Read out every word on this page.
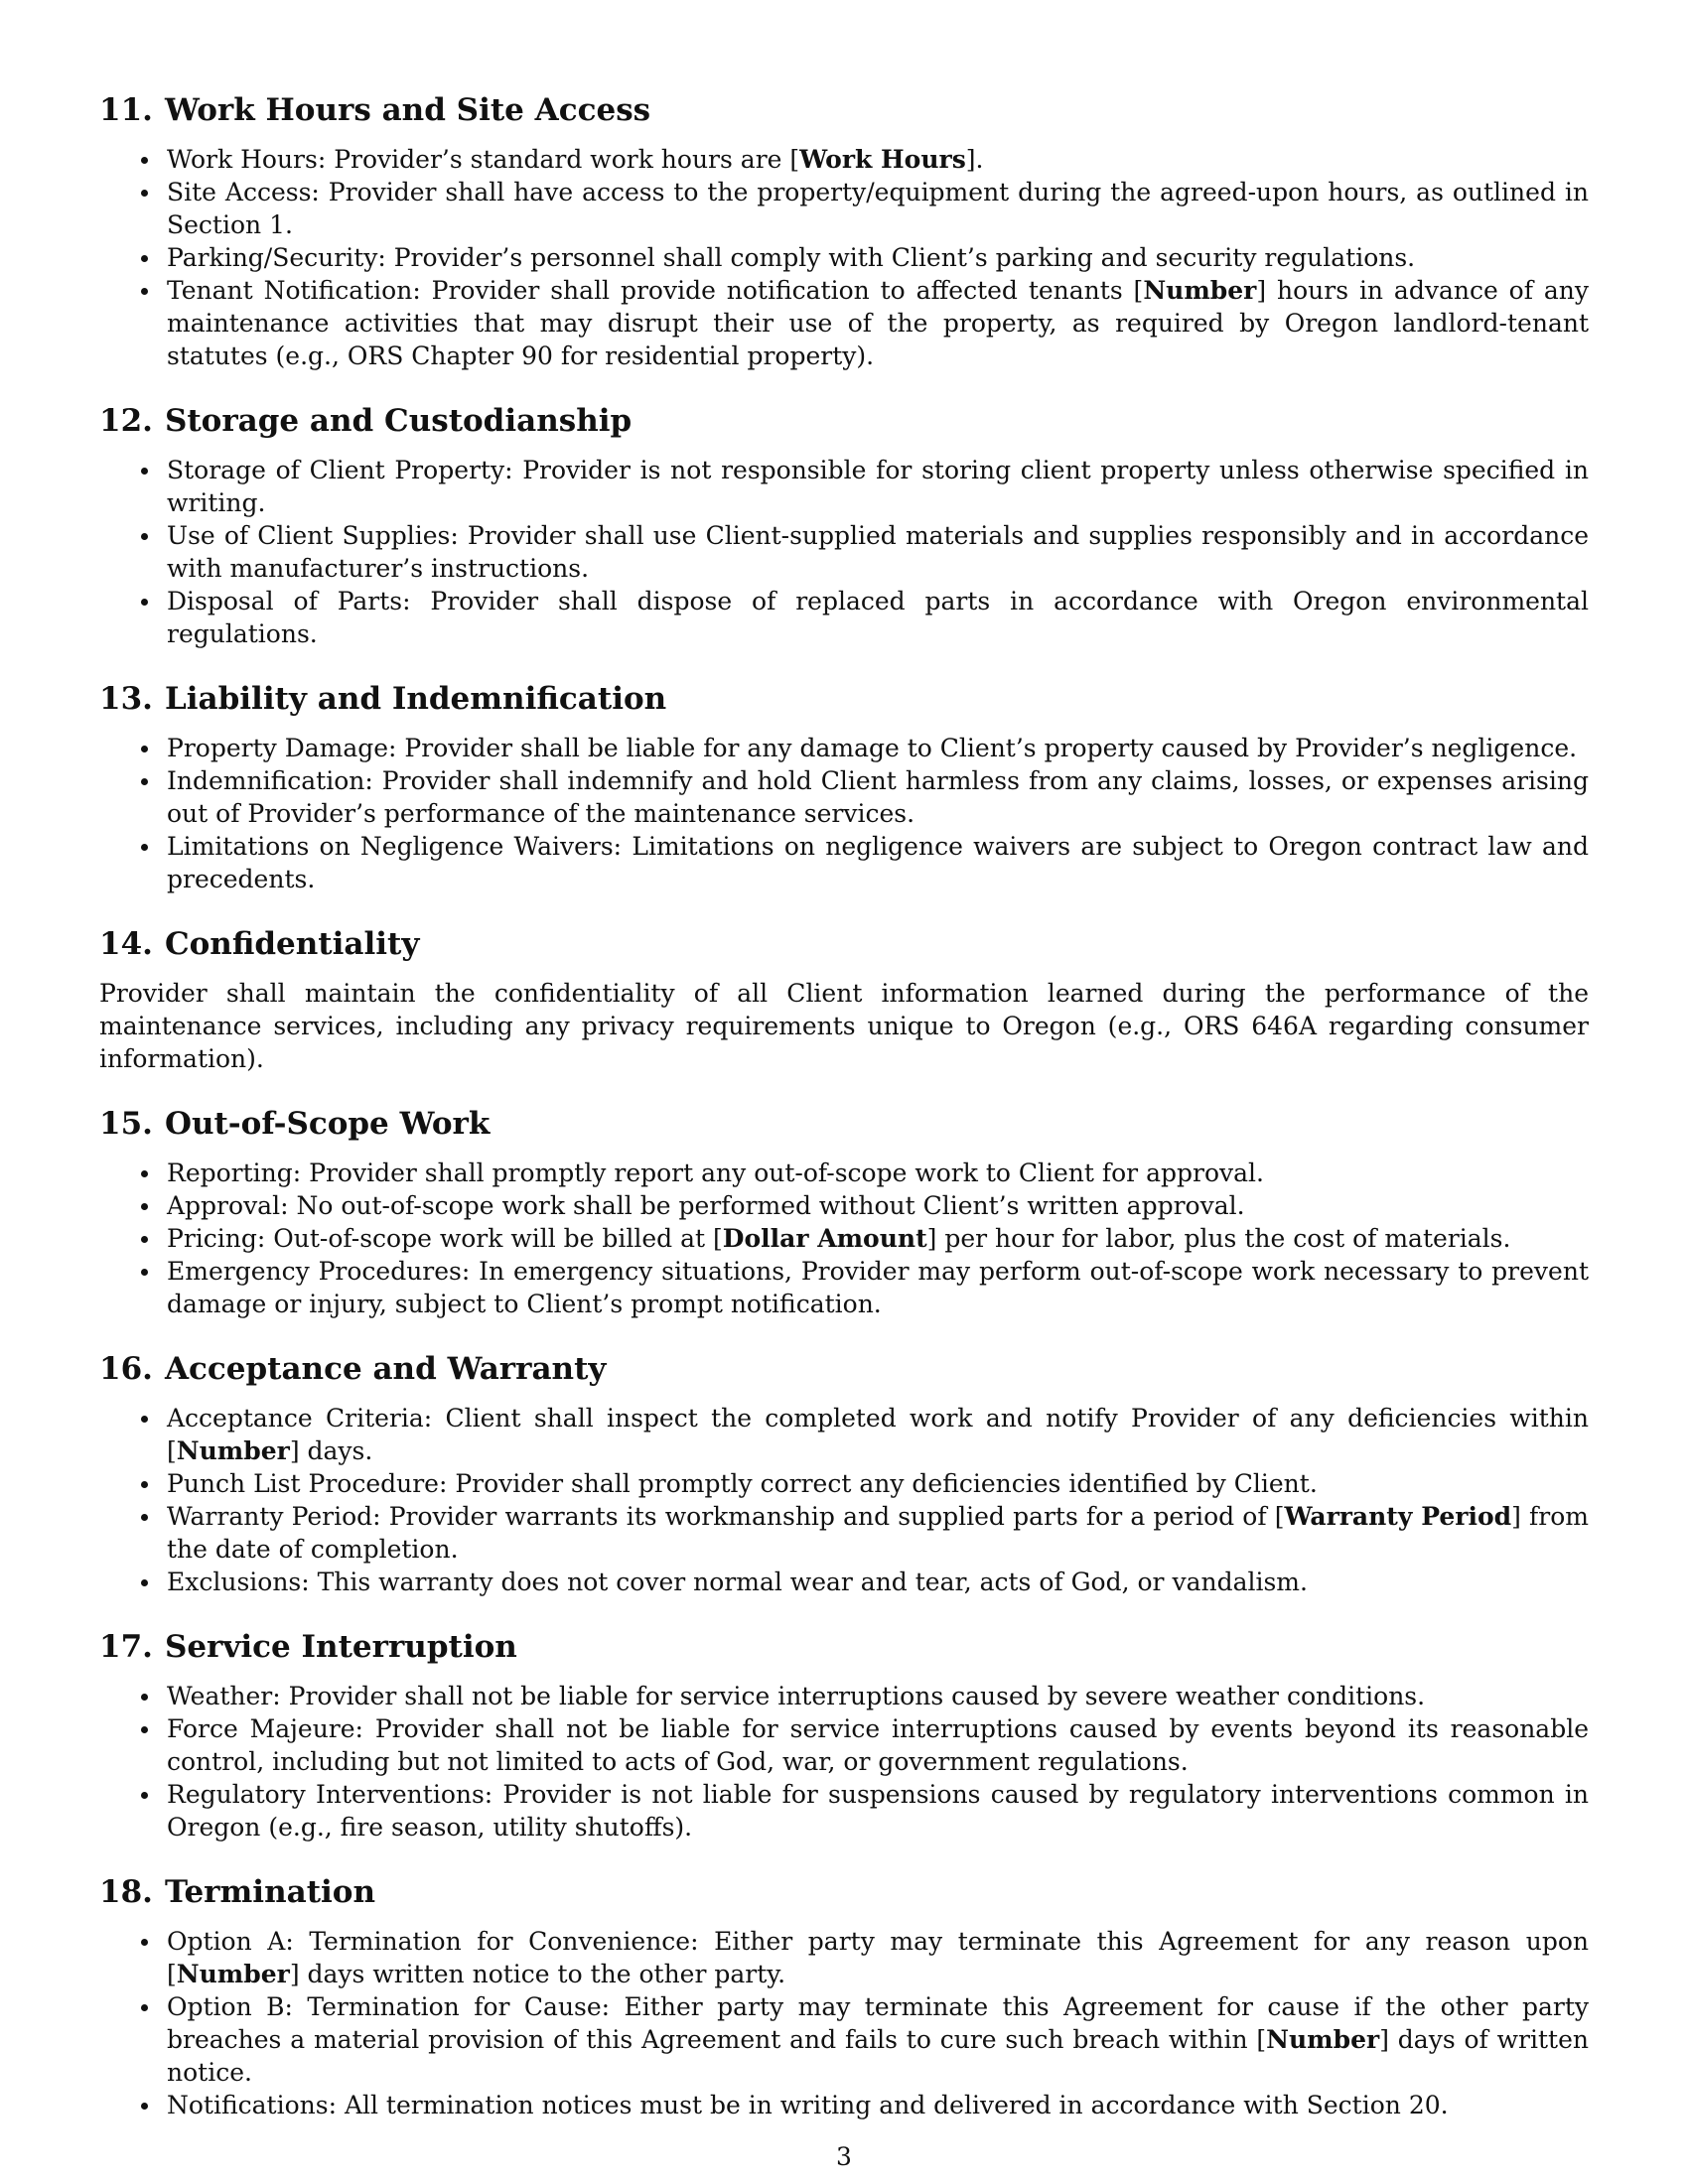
11. Work Hours and Site Access
Work Hours: Provider’s standard work hours are [Work Hours].
Site Access: Provider shall have access to the property/equipment during the agreed-upon hours, as outlined in Section 1.
Parking/Security: Provider’s personnel shall comply with Client’s parking and security regulations.
Tenant Notification: Provider shall provide notification to affected tenants [Number] hours in advance of any maintenance activities that may disrupt their use of the property, as required by Oregon landlord-tenant statutes (e.g., ORS Chapter 90 for residential property).
12. Storage and Custodianship
Storage of Client Property: Provider is not responsible for storing client property unless otherwise specified in writing.
Use of Client Supplies: Provider shall use Client-supplied materials and supplies responsibly and in accordance with manufacturer’s instructions.
Disposal of Parts: Provider shall dispose of replaced parts in accordance with Oregon environmental regulations.
13. Liability and Indemnification
Property Damage: Provider shall be liable for any damage to Client’s property caused by Provider’s negligence.
Indemnification: Provider shall indemnify and hold Client harmless from any claims, losses, or expenses arising out of Provider’s performance of the maintenance services.
Limitations on Negligence Waivers: Limitations on negligence waivers are subject to Oregon contract law and precedents.
14. Confidentiality

Provider shall maintain the confidentiality of all Client information learned during the performance of the maintenance services, including any privacy requirements unique to Oregon (e.g., ORS 646A regarding consumer information).

15. Out-of-Scope Work
Reporting: Provider shall promptly report any out-of-scope work to Client for approval.
Approval: No out-of-scope work shall be performed without Client’s written approval.
Pricing: Out-of-scope work will be billed at [Dollar Amount] per hour for labor, plus the cost of materials.
Emergency Procedures: In emergency situations, Provider may perform out-of-scope work necessary to prevent damage or injury, subject to Client’s prompt notification.
16. Acceptance and Warranty
Acceptance Criteria: Client shall inspect the completed work and notify Provider of any deficiencies within [Number] days.
Punch List Procedure: Provider shall promptly correct any deficiencies identified by Client.
Warranty Period: Provider warrants its workmanship and supplied parts for a period of [Warranty Period] from the date of completion.
Exclusions: This warranty does not cover normal wear and tear, acts of God, or vandalism.
17. Service Interruption
Weather: Provider shall not be liable for service interruptions caused by severe weather conditions.
Force Majeure: Provider shall not be liable for service interruptions caused by events beyond its reasonable control, including but not limited to acts of God, war, or government regulations.
Regulatory Interventions: Provider is not liable for suspensions caused by regulatory interventions common in Oregon (e.g., fire season, utility shutoffs).
18. Termination
Option A: Termination for Convenience: Either party may terminate this Agreement for any reason upon [Number] days written notice to the other party.
Option B: Termination for Cause: Either party may terminate this Agreement for cause if the other party breaches a material provision of this Agreement and fails to cure such breach within [Number] days of written notice.
Notifications: All termination notices must be in writing and delivered in accordance with Section 20.
3
